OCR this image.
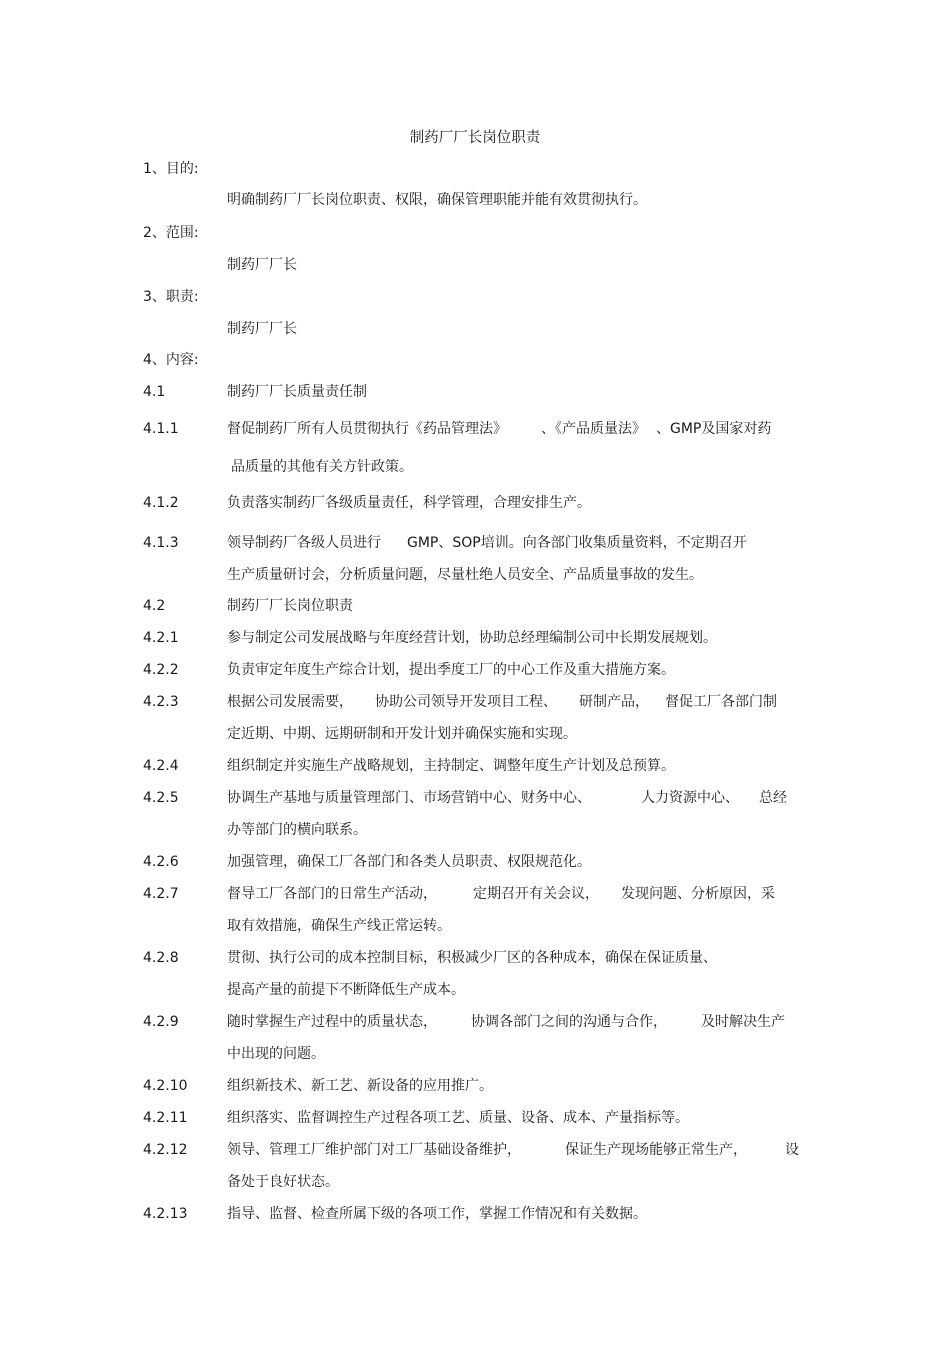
制药厂厂长岗位职责
1、目的:
明确制药厂厂长岗位职责、权限，确保管理职能并能有效贯彻执行。
2、范围:
制药厂厂长
3、职责:
制药厂厂长
4、内容:
4.1	制药厂厂长质量责任制
4.1.1	督促制药厂所有人员贯彻执行《药品管理法》 、《产品质量法》 、GMP及国家对药
品质量的其他有关方针政策。
4.1.2	负责落实制药厂各级质量责任，科学管理，合理安排生产。
4.1.3	领导制药厂各级人员进行 GMP、SOP培训。向各部门收集质量资料，不定期召开
生产质量研讨会，分析质量问题，尽量杜绝人员安全、产品质量事故的发生。
4.2	制药厂厂长岗位职责
4.2.1	参与制定公司发展战略与年度经营计划，协助总经理编制公司中长期发展规划。
4.2.2	负责审定年度生产综合计划，提出季度工厂的中心工作及重大措施方案。
4.2.3	根据公司发展需要， 协助公司领导开发项目工程、 研制产品， 督促工厂各部门制
定近期、中期、远期研制和开发计划并确保实施和实现。
4.2.4	组织制定并实施生产战略规划，主持制定、调整年度生产计划及总预算。
4.2.5	协调生产基地与质量管理部门、市场营销中心、财务中心、	人力资源中心、 总经
办等部门的横向联系。
4.2.6	加强管理，确保工厂各部门和各类人员职责、权限规范化。
4.2.7	督导工厂各部门的日常生产活动，	定期召开有关会议， 发现问题、分析原因，采
取有效措施，确保生产线正常运转。
4.2.8	贯彻、执行公司的成本控制目标，积极减少厂区的各种成本，确保在保证质量、
提高产量的前提下不断降低生产成本。
4.2.9	随时掌握生产过程中的质量状态， 协调各部门之间的沟通与合作， 及时解决生产
中出现的问题。
4.2.10	组织新技术、新工艺、新设备的应用推广。
4.2.11	组织落实、监督调控生产过程各项工艺、质量、设备、成本、产量指标等。
4.2.12	领导、管理工厂维护部门对工厂基础设备维护，	保证生产现场能够正常生产，	设
备处于良好状态。
4.2.13	指导、监督、检查所属下级的各项工作，掌握工作情况和有关数据。
